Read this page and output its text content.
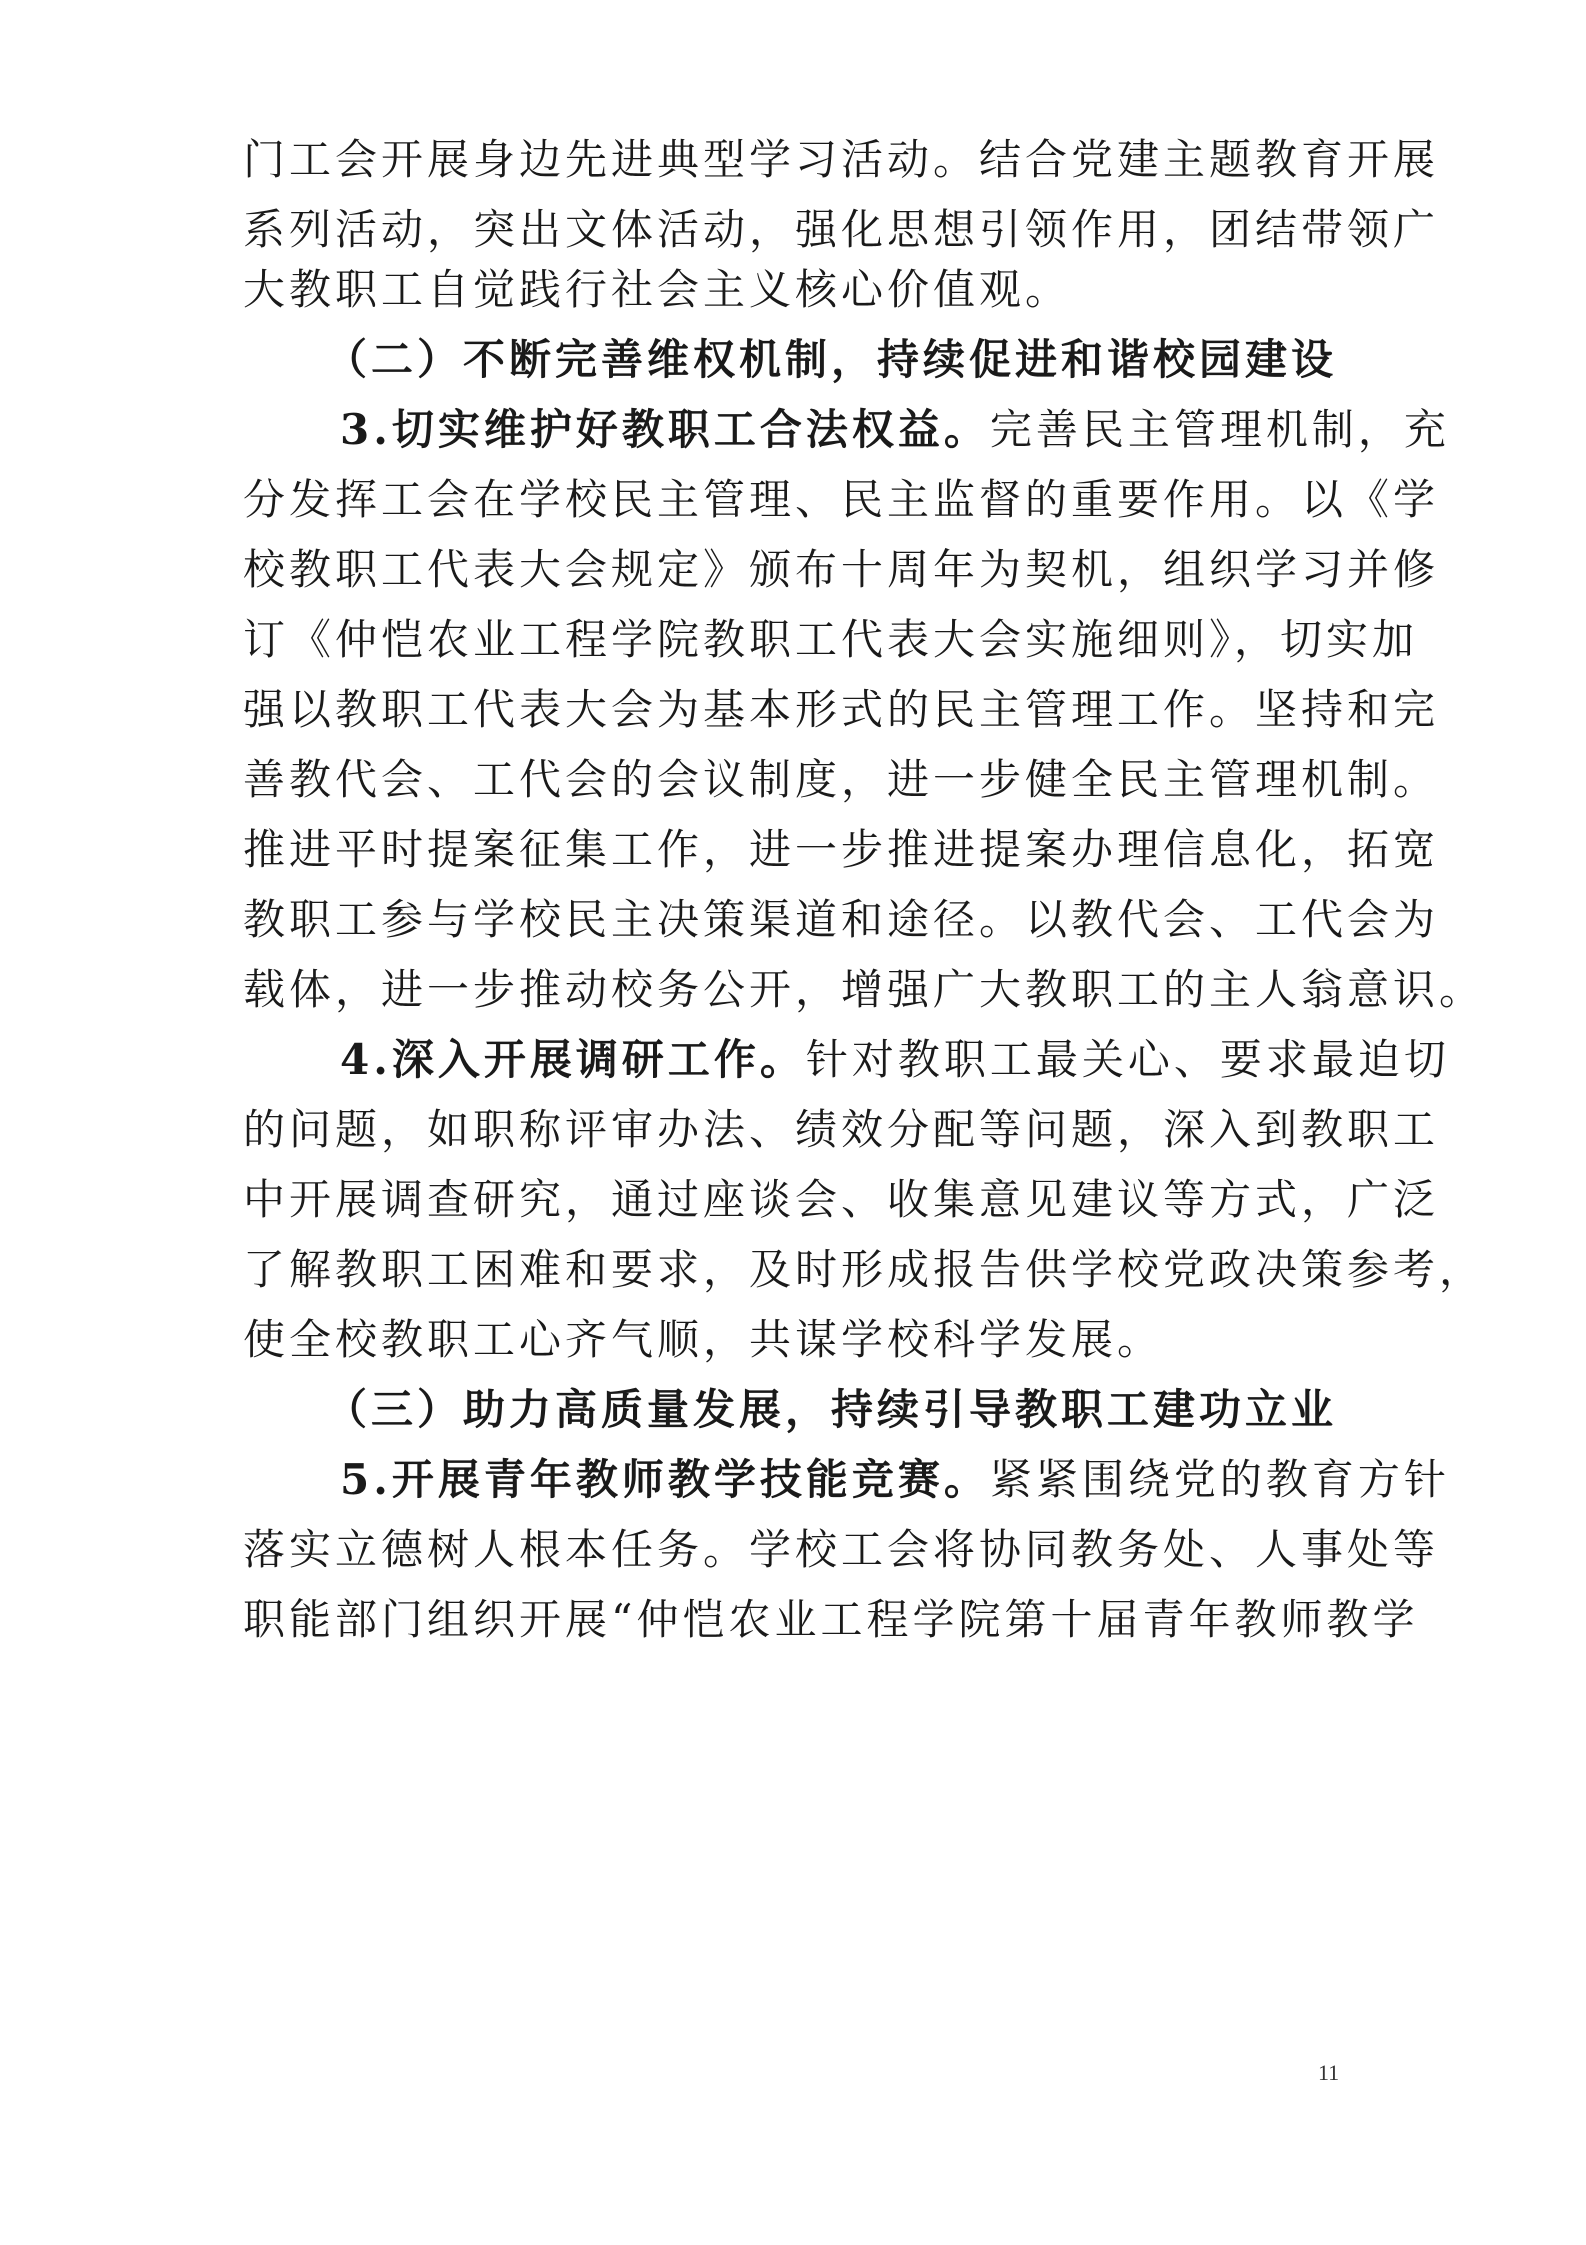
门工会开展身边先进典型学习活动。结合党建主题教育开展
系列活动，突出文体活动，强化思想引领作用，团结带领广
大教职工自觉践行社会主义核心价值观。
（二）不断完善维权机制，持续促进和谐校园建设
3.切实维护好教职工合法权益。完善民主管理机制，充
分发挥工会在学校民主管理、民主监督的重要作用。以《学
校教职工代表大会规定》颁布十周年为契机，组织学习并修
订《仲恺农业工程学院教职工代表大会实施细则》，切实加
强以教职工代表大会为基本形式的民主管理工作。坚持和完
善教代会、工代会的会议制度，进一步健全民主管理机制。
推进平时提案征集工作，进一步推进提案办理信息化，拓宽
教职工参与学校民主决策渠道和途径。以教代会、工代会为
载体，进一步推动校务公开，增强广大教职工的主人翁意识。
4.深入开展调研工作。针对教职工最关心、要求最迫切
的问题，如职称评审办法、绩效分配等问题，深入到教职工
中开展调查研究，通过座谈会、收集意见建议等方式，广泛
了解教职工困难和要求，及时形成报告供学校党政决策参考，
使全校教职工心齐气顺，共谋学校科学发展。
（三）助力高质量发展，持续引导教职工建功立业
5.开展青年教师教学技能竞赛。紧紧围绕党的教育方针
落实立德树人根本任务。学校工会将协同教务处、人事处等
职能部门组织开展“仲恺农业工程学院第十届青年教师教学
11
